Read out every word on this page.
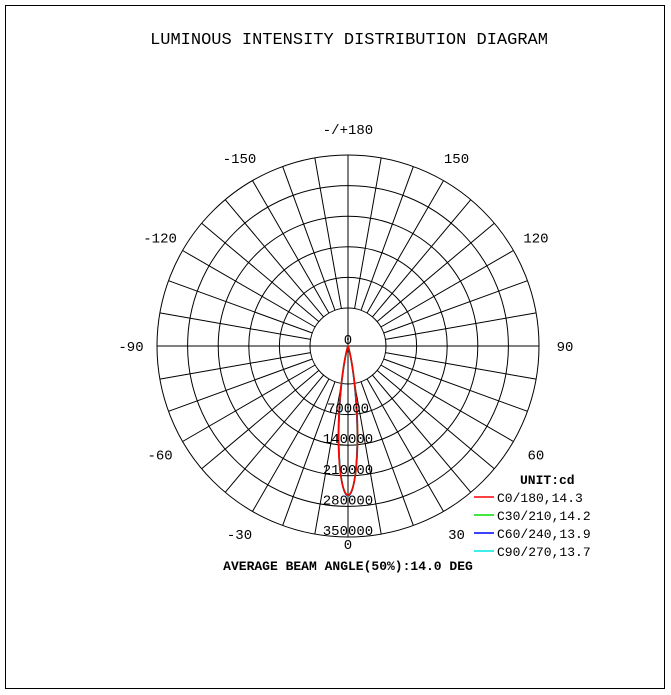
LUMINOUS INTENSITY DISTRIBUTION DIAGRAM
-/+180
150
-150
120
-120
90
-90
60
-60
30
-30
0
0
70000
140000
210000
280000
350000
UNIT:cd
C0/180,14.3
C30/210,14.2
C60/240,13.9
C90/270,13.7
AVERAGE BEAM ANGLE(50%):14.0 DEG
